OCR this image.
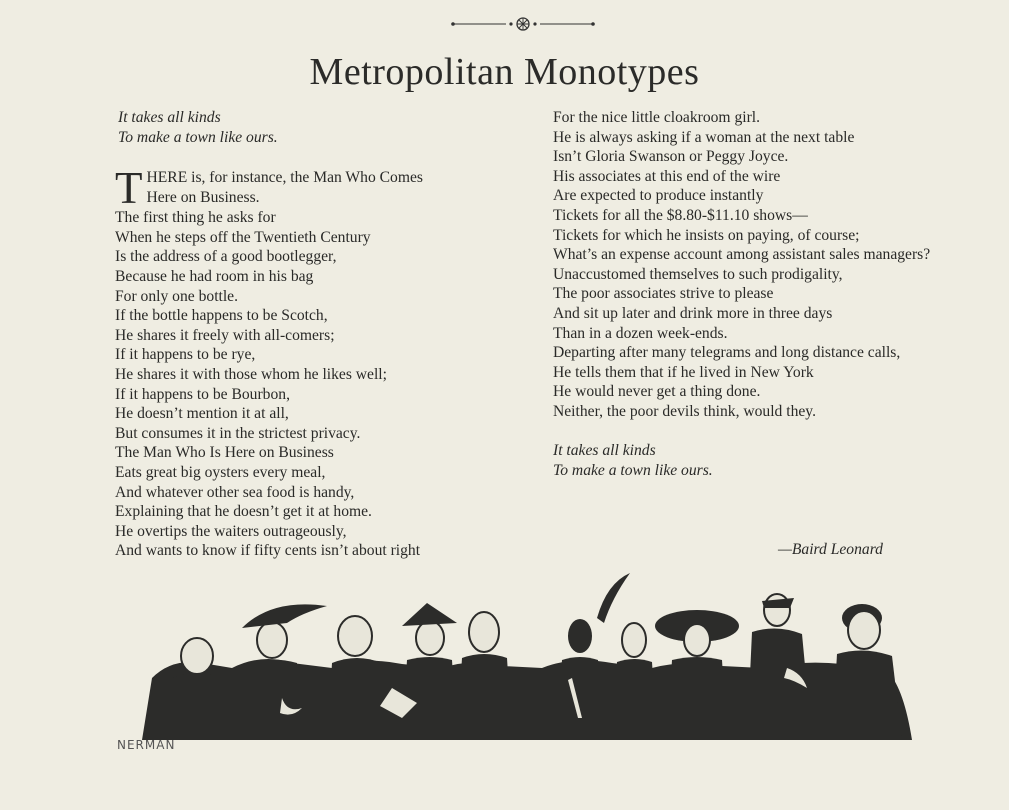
Metropolitan Monotypes
It takes all kinds
To make a town like ours.
T HERE is, for instance, the Man Who Comes
Here on Business.
The first thing he asks for
When he steps off the Twentieth Century
Is the address of a good bootlegger,
Because he had room in his bag
For only one bottle.
If the bottle happens to be Scotch,
He shares it freely with all-comers;
If it happens to be rye,
He shares it with those whom he likes well;
If it happens to be Bourbon,
He doesn’t mention it at all,
But consumes it in the strictest privacy.
The Man Who Is Here on Business
Eats great big oysters every meal,
And whatever other sea food is handy,
Explaining that he doesn’t get it at home.
He overtips the waiters outrageously,
And wants to know if fifty cents isn’t about right
For the nice little cloakroom girl.
He is always asking if a woman at the next table
Isn’t Gloria Swanson or Peggy Joyce.
His associates at this end of the wire
Are expected to produce instantly
Tickets for all the $8.80-$11.10 shows—
Tickets for which he insists on paying, of course;
What’s an expense account among assistant sales managers?
Unaccustomed themselves to such prodigality,
The poor associates strive to please
And sit up later and drink more in three days
Than in a dozen week-ends.
Departing after many telegrams and long distance calls,
He tells them that if he lived in New York
He would never get a thing done.
Neither, the poor devils think, would they.
It takes all kinds
To make a town like ours.
—Baird Leonard
NERMAN
